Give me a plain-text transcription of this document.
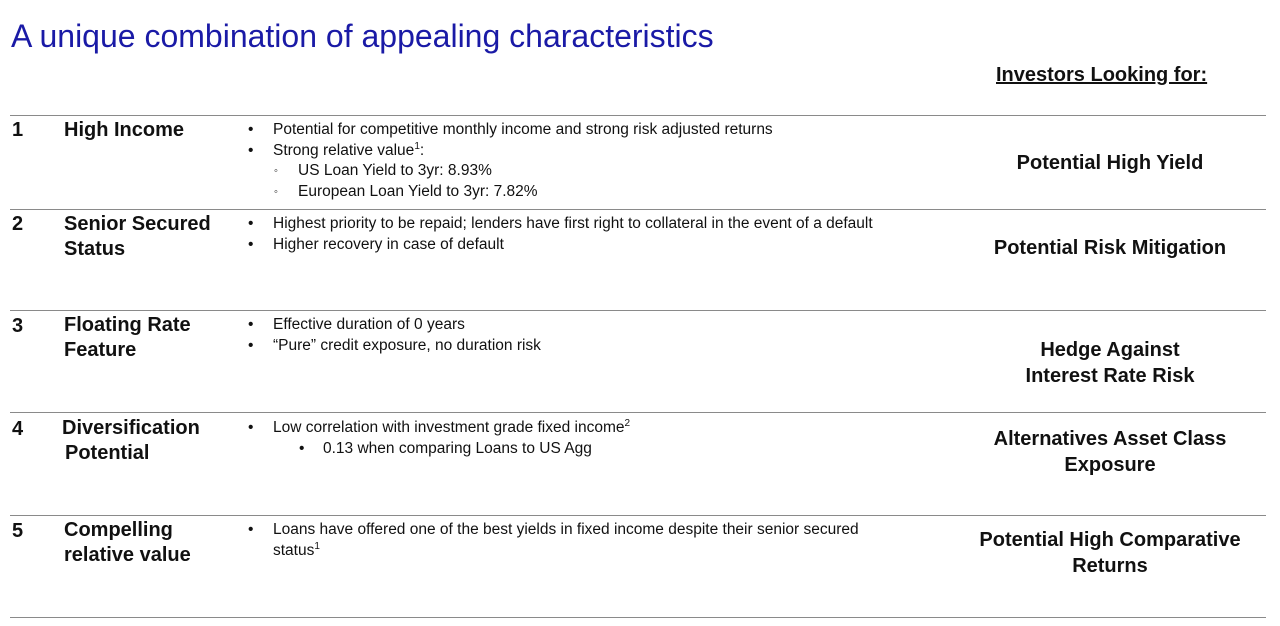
A unique combination of appealing characteristics
Investors Looking for:
1 High Income
•	Potential for competitive monthly income and strong risk adjusted returns
• Strong relative value$^1$:
◦ US Loan Yield to 3yr: 8.93%
◦ European Loan Yield to 3yr: 7.82%
Potential High Yield
2 Senior Secured
Status
• Highest priority to be repaid; lenders have first right to collateral in the event of a default
• Higher recovery in case of default	Potential Risk Mitigation
3 Floating Rate
Feature
• Effective duration of 0 years
• “Pure” credit exposure, no duration risk	Hedge Against
Interest Rate Risk
4 Diversification
Potential
• Low correlation with investment grade fixed income$^2$
• 0.13 when comparing Loans to US Agg	Alternatives Asset Class
Exposure
5 Compelling
relative value
• Loans have offered one of the best yields in fixed income despite their senior secured
status$^1$	Potential High Comparative
Returns
